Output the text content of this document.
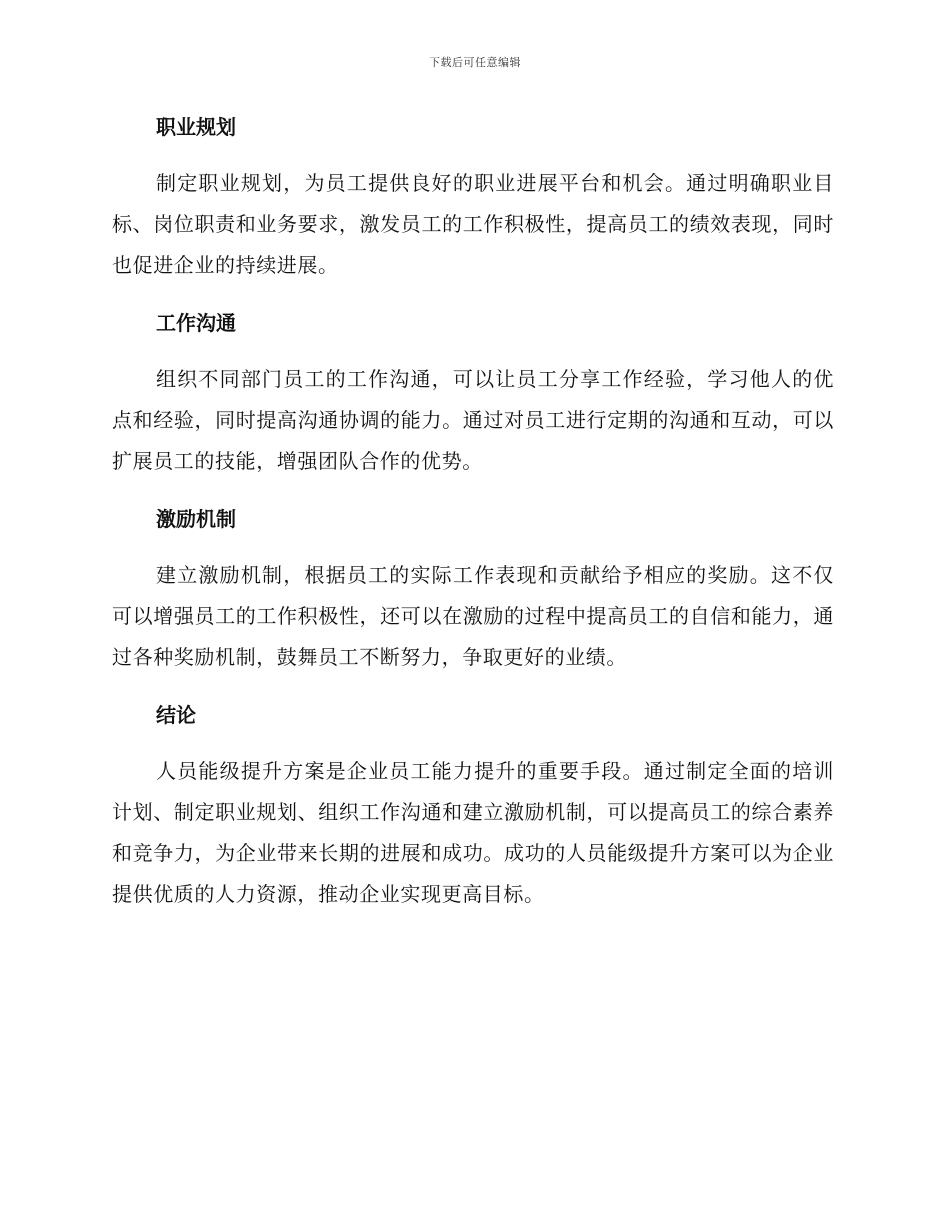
下载后可任意编辑
职业规划

制定职业规划，为员工提供良好的职业进展平台和机会。通过明确职业目标、岗位职责和业务要求，激发员工的工作积极性，提高员工的绩效表现，同时也促进企业的持续进展。

工作沟通

组织不同部门员工的工作沟通，可以让员工分享工作经验，学习他人的优点和经验，同时提高沟通协调的能力。通过对员工进行定期的沟通和互动，可以扩展员工的技能，增强团队合作的优势。

激励机制

建立激励机制，根据员工的实际工作表现和贡献给予相应的奖励。这不仅可以增强员工的工作积极性，还可以在激励的过程中提高员工的自信和能力，通过各种奖励机制，鼓舞员工不断努力，争取更好的业绩。

结论

人员能级提升方案是企业员工能力提升的重要手段。通过制定全面的培训计划、制定职业规划、组织工作沟通和建立激励机制，可以提高员工的综合素养和竞争力，为企业带来长期的进展和成功。成功的人员能级提升方案可以为企业提供优质的人力资源，推动企业实现更高目标。
